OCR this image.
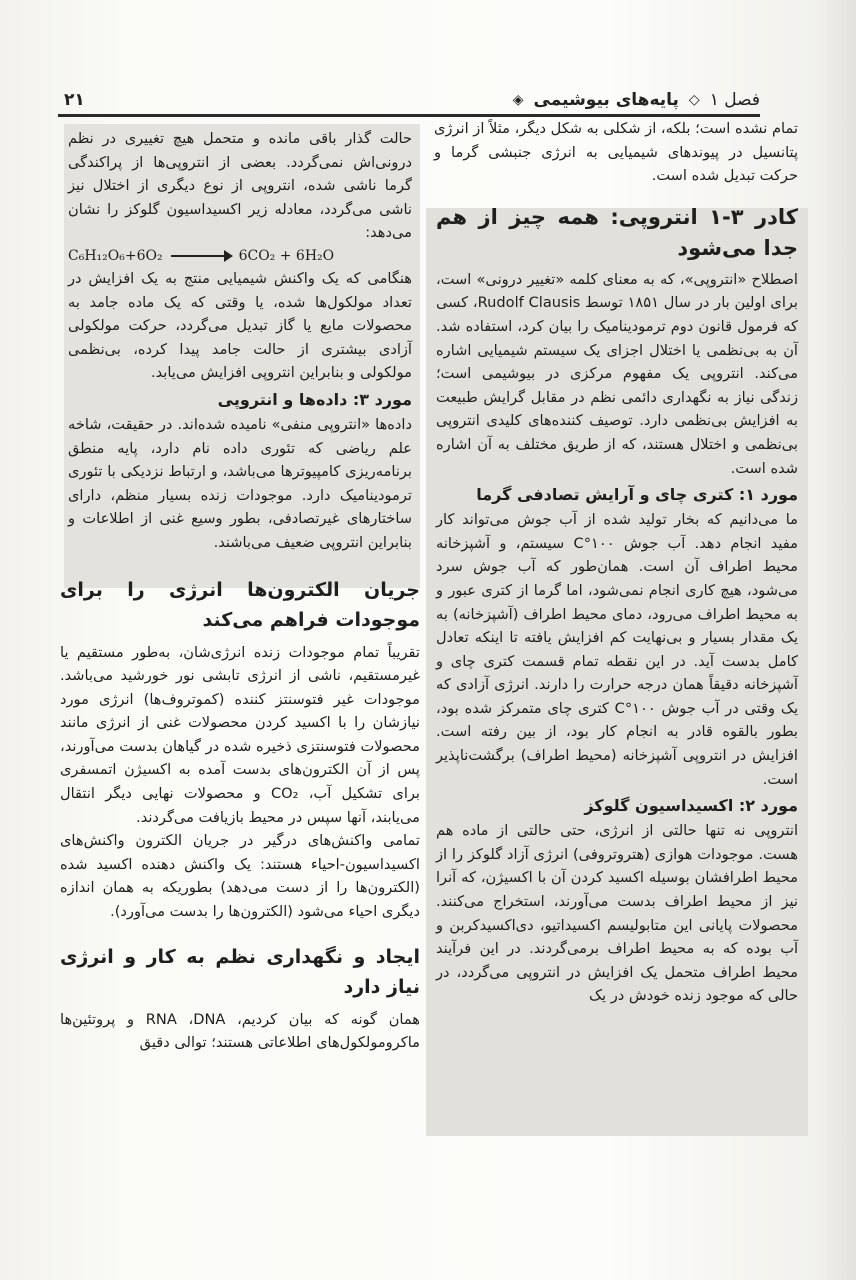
فصل ۱
◇
پایه‌های بیوشیمی
◈
۲۱

تمام نشده است؛ بلکه، از شکلی به شکل دیگر، مثلاً از انرژی پتانسیل در پیوندهای شیمیایی به انرژی جنبشی گرما و حرکت تبدیل شده است.

کادر ۳-۱ انتروپی: همه چیز از هم جدا می‌شود

اصطلاح «انتروپی»، که به معنای کلمه «تغییر درونی» است، برای اولین بار در سال ۱۸۵۱ توسط Rudolf Clausis، کسی که فرمول قانون دوم ترمودینامیک را بیان کرد، استفاده شد. آن به بی‌نظمی یا اختلال اجزای یک سیستم شیمیایی اشاره می‌کند. انتروپی یک مفهوم مرکزی در بیوشیمی است؛ زندگی نیاز به نگهداری دائمی نظم در مقابل گرایش طبیعت به افزایش بی‌نظمی دارد. توصیف کننده‌های کلیدی انتروپی بی‌نظمی و اختلال هستند، که از طریق مختلف به آن اشاره شده است.

مورد ۱: کتری چای و آرایش تصادفی گرما

ما می‌دانیم که بخار تولید شده از آب جوش می‌تواند کار مفید انجام دهد. آب جوش ۱۰۰°C سیستم، و آشپزخانه محیط اطراف آن است. همان‌طور که آب جوش سرد می‌شود، هیچ کاری انجام نمی‌شود، اما گرما از کتری عبور و به محیط اطراف می‌رود، دمای محیط اطراف (آشپزخانه) به یک مقدار بسیار و بی‌نهایت کم افزایش یافته تا اینکه تعادل کامل بدست آید. در این نقطه تمام قسمت کتری چای و آشپزخانه دقیقاً همان درجه حرارت را دارند. انرژی آزادی که یک وقتی در آب جوش ۱۰۰°C کتری چای متمرکز شده بود، بطور بالقوه قادر به انجام کار بود، از بین رفته است. افزایش در انتروپی آشپزخانه (محیط اطراف) برگشت‌ناپذیر است.

مورد ۲: اکسیداسیون گلوکز

انتروپی نه تنها حالتی از انرژی، حتی حالتی از ماده هم هست. موجودات هوازی (هتروتروفی) انرژی آزاد گلوکز را از محیط اطرافشان بوسیله اکسید کردن آن با اکسیژن، که آنرا نیز از محیط اطراف بدست می‌آورند، استخراج می‌کنند. محصولات پایانی این متابولیسم اکسیداتیو، دی‌اکسیدکربن و آب بوده که به محیط اطراف برمی‌گردند. در این فرآیند محیط اطراف متحمل یک افزایش در انتروپی می‌گردد، در حالی که موجود زنده خودش در یک

حالت گذار باقی مانده و متحمل هیچ تغییری در نظم درونی‌اش نمی‌گردد. بعضی از انتروپی‌ها از پراکندگی گرما ناشی شده، انتروپی از نوع دیگری از اختلال نیز ناشی می‌گردد، معادله زیر اکسیداسیون گلوکز را نشان می‌دهد:

C₆H₁₂O₆+6O₂	6CO₂ + 6H₂O

هنگامی که یک واکنش شیمیایی منتج به یک افزایش در تعداد مولکول‌ها شده، یا وقتی که یک ماده جامد به محصولات مایع یا گاز تبدیل می‌گردد، حرکت مولکولی آزادی بیشتری از حالت جامد پیدا کرده، بی‌نظمی مولکولی و بنابراین انتروپی افزایش می‌یابد.

مورد ۳: داده‌ها و انتروپی

داده‌ها «انتروپی منفی» نامیده شده‌اند. در حقیقت، شاخه علم ریاضی که تئوری داده نام دارد، پایه منطق برنامه‌ریزی کامپیوترها می‌باشد، و ارتباط نزدیکی با تئوری ترمودینامیک دارد. موجودات زنده بسیار منظم، دارای ساختارهای غیرتصادفی، بطور وسیع غنی از اطلاعات و بنابراین انتروپی ضعیف می‌باشند.

جریان الکترون‌ها انرژی را برای موجودات فراهم می‌کند

تقریباً تمام موجودات زنده انرژی‌شان، به‌طور مستقیم یا غیرمستقیم، ناشی از انرژی تابشی نور خورشید می‌باشد. موجودات غیر فتوسنتز کننده (کموتروف‌ها) انرژی مورد نیازشان را با اکسید کردن محصولات غنی از انرژی مانند محصولات فتوسنتزی ذخیره شده در گیاهان بدست می‌آورند، پس از آن الکترون‌های بدست آمده به اکسیژن اتمسفری برای تشکیل آب، CO₂ و محصولات نهایی دیگر انتقال می‌یابند، آنها سپس در محیط بازیافت می‌گردند.

تمامی واکنش‌های درگیر در جریان الکترون واکنش‌های اکسیداسیون-احیاء هستند: یک واکنش دهنده اکسید شده (الکترون‌ها را از دست می‌دهد) بطوریکه به همان اندازه دیگری احیاء می‌شود (الکترون‌ها را بدست می‌آورد).

ایجاد و نگهداری نظم به کار و انرژی نیاز دارد

همان گونه که بیان کردیم، RNA ،DNA و پروتئین‌ها ماکرومولکول‌های اطلاعاتی هستند؛ توالی دقیق
